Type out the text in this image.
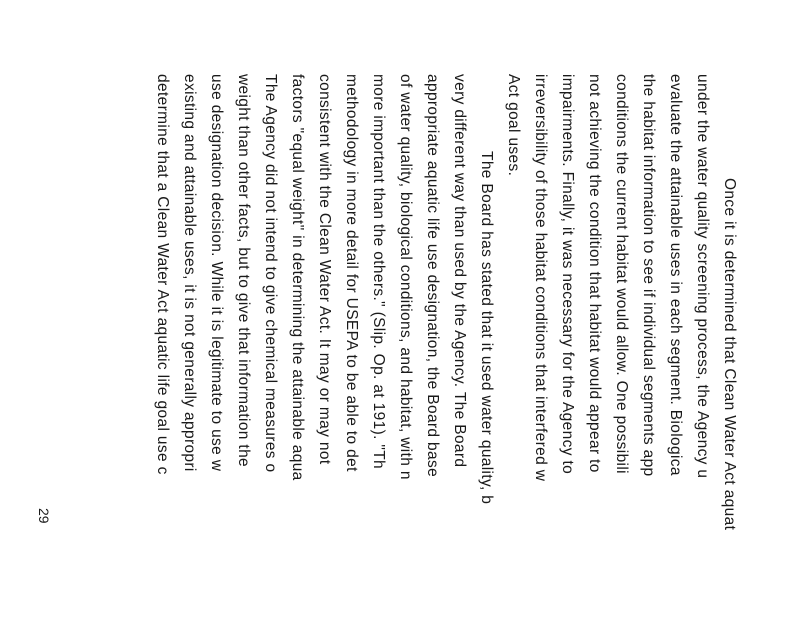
Once it is determined that Clean Water Act aquat
under the water quality screening process, the Agency u
evaluate the attainable uses in each segment. Biologica
the habitat information to see if individual segments app
conditions the current habitat would allow. One possibili
not achieving the condition that habitat would appear to
impairments. Finally, it was necessary for the Agency to
irreversibility of those habitat conditions that interfered w
Act goal uses.
The Board has stated that it used water quality, b
very different way than used by the Agency. The Board
appropriate aquatic life use designation, the Board base
of water quality, biological conditions, and habitat, with n
more important than the others." (Slip. Op. at 191). "Th
methodology in more detail for USEPA to be able to det
consistent with the Clean Water Act. It may or may not
factors "equal weight" in determining the attainable aqua
The Agency did not intend to give chemical measures o
weight than other facts, but to give that information the
use designation decision. While it is legitimate to use w
existing and attainable uses, it is not generally appropri
determine that a Clean Water Act aquatic life goal use c
29
